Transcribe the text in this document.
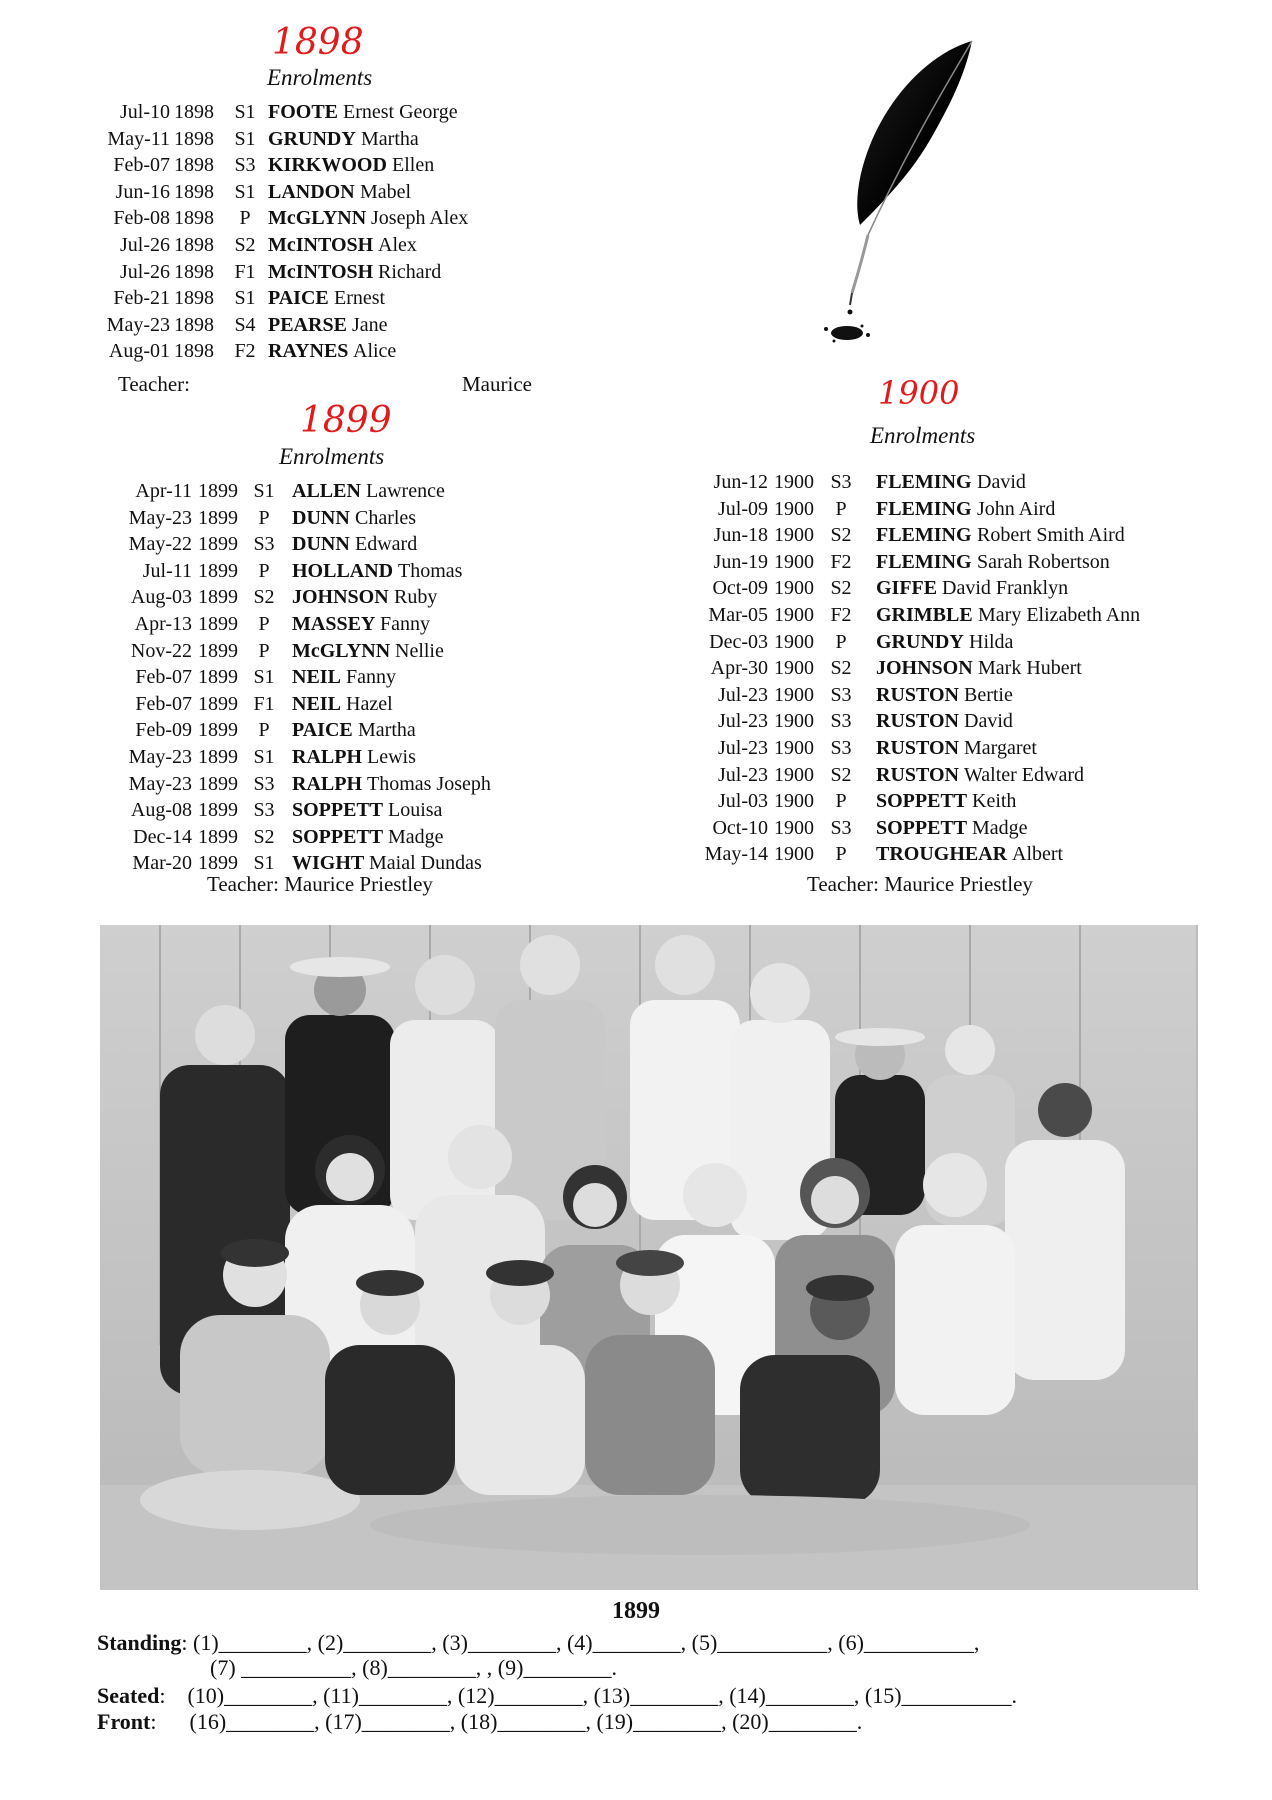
1898
Enrolments
Jul-10 1898 S1 FOOTE Ernest George
May-11 1898 S1 GRUNDY Martha
Feb-07 1898 S3 KIRKWOOD Ellen
Jun-16 1898 S1 LANDON Mabel
Feb-08 1898	P McGLYNN Joseph Alex
Jul-26 1898 S2 McINTOSH Alex
Jul-26 1898 F1 McINTOSH Richard
Feb-21 1898 S1 PAICE Ernest
May-23 1898 S4 PEARSE Jane
Aug-01 1898 F2 RAYNES Alice
Teacher:	Maurice
1899
Enrolments
Apr-11 1899 S1 ALLEN Lawrence
May-23 1899	P	DUNN Charles
May-22 1899 S3 DUNN Edward
Jul-11 1899	P	HOLLAND Thomas
Aug-03 1899 S2 JOHNSON Ruby
Apr-13 1899	P	MASSEY Fanny
Nov-22 1899	P	McGLYNN Nellie
Feb-07 1899 S1 NEIL Fanny
Feb-07 1899 F1 NEIL Hazel
Feb-09 1899	P	PAICE Martha
May-23 1899 S1 RALPH Lewis
May-23 1899 S3 RALPH Thomas Joseph
Aug-08 1899 S3 SOPPETT Louisa
Dec-14 1899 S2 SOPPETT Madge
Mar-20 1899 S1 WIGHT Maial Dundas
Teacher: Maurice Priestley
1900
Enrolments
Jun-12 1900 S3 FLEMING David
Jul-09 1900	P	FLEMING John Aird
Jun-18 1900 S2 FLEMING Robert Smith Aird
Jun-19 1900 F2 FLEMING Sarah Robertson
Oct-09 1900 S2 GIFFE David Franklyn
Mar-05 1900 F2 GRIMBLE Mary Elizabeth Ann
Dec-03 1900	P	GRUNDY Hilda
Apr-30 1900 S2 JOHNSON Mark Hubert
Jul-23 1900 S3 RUSTON Bertie
Jul-23 1900 S3 RUSTON David
Jul-23 1900 S3 RUSTON Margaret
Jul-23 1900 S2 RUSTON Walter Edward
Jul-03 1900	P	SOPPETT Keith
Oct-10 1900 S3 SOPPETT Madge
May-14 1900	P	TROUGHEAR Albert
Teacher: Maurice Priestley
1899
Standing: (1)________, (2)________, (3)________, (4)________, (5)__________, (6)__________,
(7) __________, (8)________, , (9)________.
Seated:    (10)________, (11)________, (12)________, (13)________, (14)________, (15)__________.
Front:      (16)________, (17)________, (18)________, (19)________, (20)________.
